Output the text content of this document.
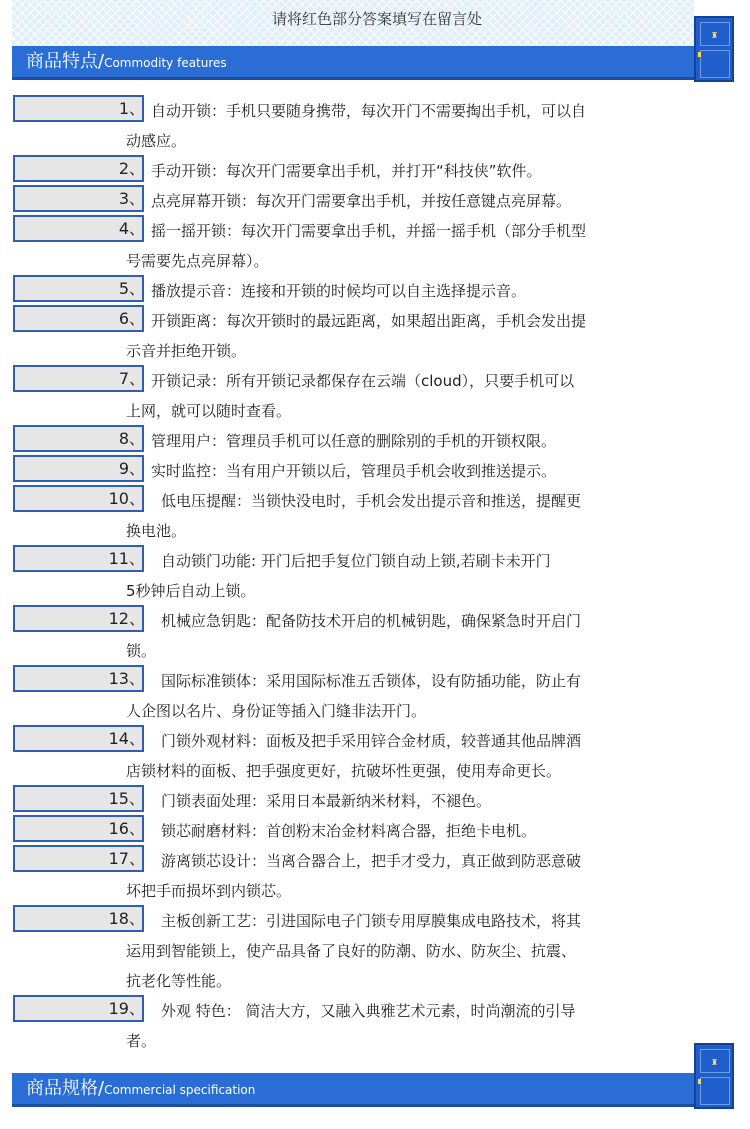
请将红色部分答案填写在留言处
商品特点/Commodity features
♜
1、 自动开锁：手机只要随身携带，每次开门不需要掏出手机，可以自
动感应。
2、 手动开锁：每次开门需要拿出手机，并打开“科技侠”软件。
3、 点亮屏幕开锁：每次开门需要拿出手机，并按任意键点亮屏幕。
4、 摇一摇开锁：每次开门需要拿出手机，并摇一摇手机（部分手机型
号需要先点亮屏幕）。
5、 播放提示音：连接和开锁的时候均可以自主选择提示音。
6、 开锁距离：每次开锁时的最远距离，如果超出距离，手机会发出提
示音并拒绝开锁。
7、 开锁记录：所有开锁记录都保存在云端（cloud），只要手机可以
上网，就可以随时查看。
8、 管理用户：管理员手机可以任意的删除别的手机的开锁权限。
9、 实时监控：当有用户开锁以后，管理员手机会收到推送提示。
10、 低电压提醒：当锁快没电时，手机会发出提示音和推送，提醒更
换电池。
11、 自动锁门功能: 开门后把手复位门锁自动上锁,若刷卡未开门
5秒钟后自动上锁。
12、 机械应急钥匙：配备防技术开启的机械钥匙，确保紧急时开启门
锁。
13、 国际标准锁体：采用国际标准五舌锁体，设有防插功能，防止有
人企图以名片、身份证等插入门缝非法开门。
14、 门锁外观材料：面板及把手采用锌合金材质，较普通其他品牌酒
店锁材料的面板、把手强度更好，抗破坏性更强，使用寿命更长。
15、 门锁表面处理：采用日本最新纳米材料，不褪色。
16、 锁芯耐磨材料：首创粉末冶金材料离合器，拒绝卡电机。
17、 游离锁芯设计：当离合器合上，把手才受力，真正做到防恶意破
坏把手而损坏到内锁芯。
18、 主板创新工艺：引进国际电子门锁专用厚膜集成电路技术，将其
运用到智能锁上，使产品具备了良好的防潮、防水、防灰尘、抗震、
抗老化等性能。
19、 外观 特色： 简洁大方，又融入典雅艺术元素，时尚潮流的引导
者。
商品规格/Commercial specification
♜
